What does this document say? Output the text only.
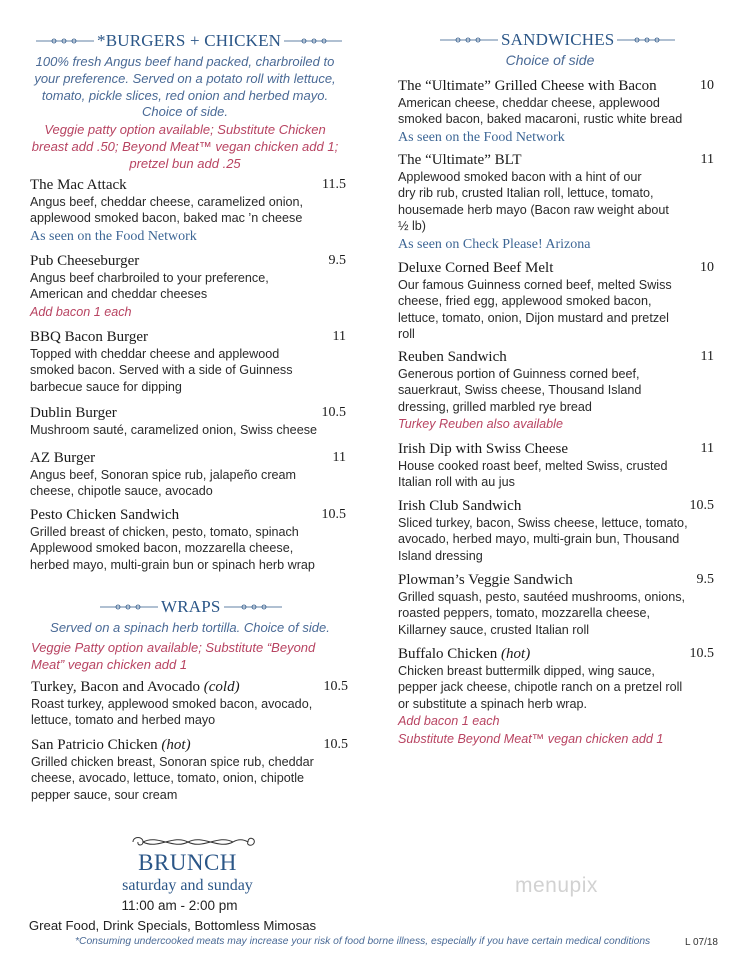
*BURGERS + CHICKEN
100% fresh Angus beef hand packed, charbroiled to
your preference. Served on a potato roll with lettuce,
tomato, pickle slices, red onion and herbed mayo.
Choice of side.
Veggie patty option available; Substitute Chicken
breast add .50; Beyond Meat™ vegan chicken add 1;
pretzel bun add .25
The Mac Attack	11.5
Angus beef, cheddar cheese, caramelized onion,
applewood smoked bacon, baked mac ’n cheese
As seen on the Food Network
Pub Cheeseburger	9.5
Angus beef charbroiled to your preference,
American and cheddar cheeses
Add bacon 1 each
BBQ Bacon Burger	11
Topped with cheddar cheese and applewood
smoked bacon. Served with a side of Guinness
barbecue sauce for dipping
Dublin Burger	10.5
Mushroom sauté, caramelized onion, Swiss cheese
AZ Burger	11
Angus beef, Sonoran spice rub, jalapeño cream
cheese, chipotle sauce, avocado
Pesto Chicken Sandwich	10.5
Grilled breast of chicken, pesto, tomato, spinach
Applewood smoked bacon, mozzarella cheese,
herbed mayo, multi-grain bun or spinach herb wrap
WRAPS
Served on a spinach herb tortilla. Choice of side.
Veggie Patty option available; Substitute “Beyond
Meat” vegan chicken add 1
Turkey, Bacon and Avocado (cold)	10.5
Roast turkey, applewood smoked bacon, avocado,
lettuce, tomato and herbed mayo
San Patricio Chicken (hot)	10.5
Grilled chicken breast, Sonoran spice rub, cheddar
cheese, avocado, lettuce, tomato, onion, chipotle
pepper sauce, sour cream
SANDWICHES
Choice of side
The “Ultimate” Grilled Cheese with Bacon	10
American cheese, cheddar cheese, applewood
smoked bacon, baked macaroni, rustic white bread
As seen on the Food Network
The “Ultimate” BLT	11
Applewood smoked bacon with a hint of our
dry rib rub, crusted Italian roll, lettuce, tomato,
housemade herb mayo (Bacon raw weight about
½ lb)
As seen on Check Please! Arizona
Deluxe Corned Beef Melt	10
Our famous Guinness corned beef, melted Swiss
cheese, fried egg, applewood smoked bacon,
lettuce, tomato, onion, Dijon mustard and pretzel
roll
Reuben Sandwich	11
Generous portion of Guinness corned beef,
sauerkraut, Swiss cheese, Thousand Island
dressing, grilled marbled rye bread
Turkey Reuben also available
Irish Dip with Swiss Cheese	11
House cooked roast beef, melted Swiss, crusted
Italian roll with au jus
Irish Club Sandwich	10.5
Sliced turkey, bacon, Swiss cheese, lettuce, tomato,
avocado, herbed mayo, multi-grain bun, Thousand
Island dressing
Plowman’s Veggie Sandwich	9.5
Grilled squash, pesto, sautéed mushrooms, onions,
roasted peppers, tomato, mozzarella cheese,
Killarney sauce, crusted Italian roll
Buffalo Chicken (hot)	10.5
Chicken breast buttermilk dipped, wing sauce,
pepper jack cheese, chipotle ranch on a pretzel roll
or substitute a spinach herb wrap.
Add bacon 1 each
Substitute Beyond Meat™ vegan chicken add 1
BRUNCH
saturday and sunday
11:00 am - 2:00 pm
Great Food, Drink Specials, Bottomless Mimosas
menupix
*Consuming undercooked meats may increase your risk of food borne illness, especially if you have certain medical conditions	L 07/18
